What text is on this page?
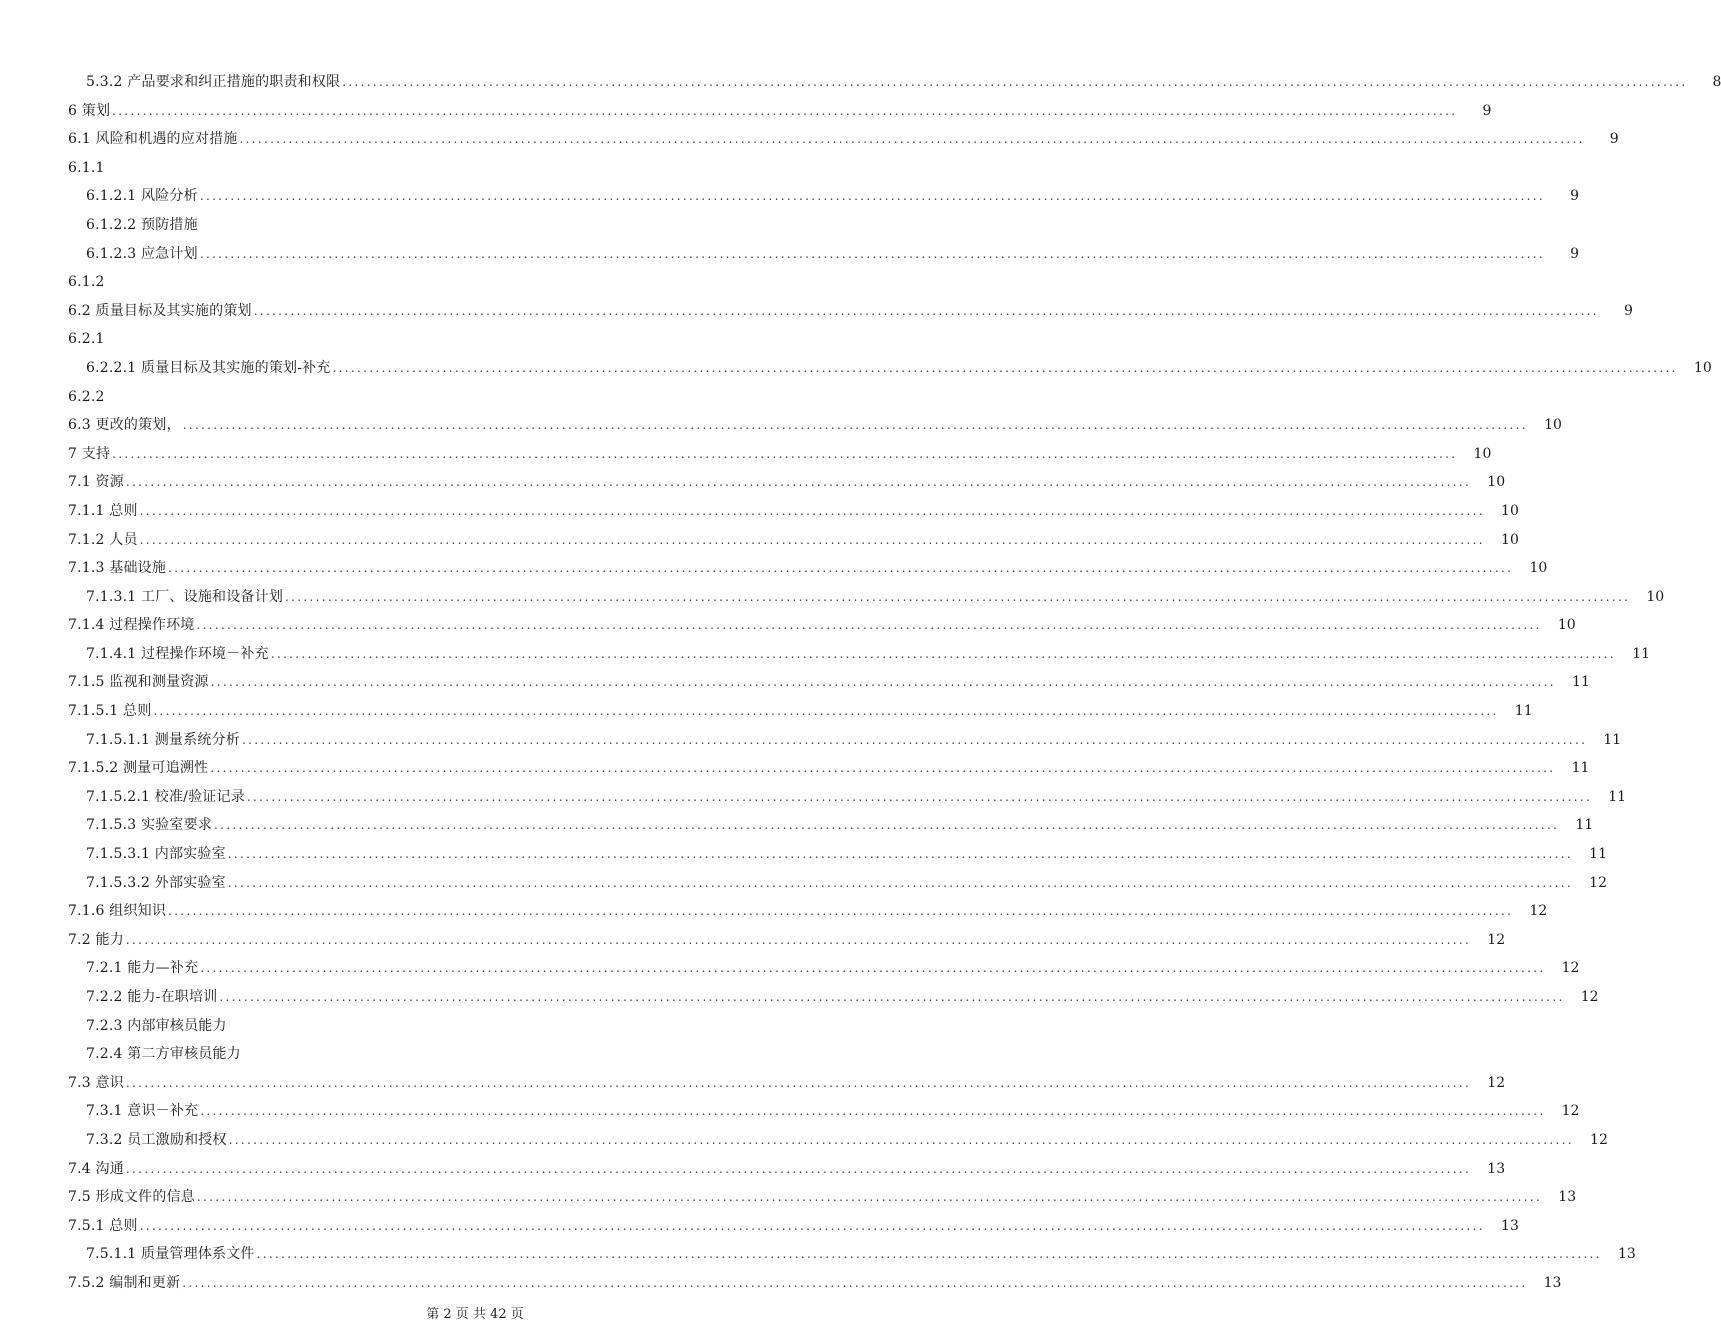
5.3.2 产品要求和纠正措施的职责和权限 ............................................................................................................................................................................................................................	8
6 策划 ............................................................................................................................................................................................................................	9
6.1 风险和机遇的应对措施 ............................................................................................................................................................................................................................	9
6.1.1
6.1.2.1 风险分析 ............................................................................................................................................................................................................................	9
6.1.2.2 预防措施
6.1.2.3 应急计划 ............................................................................................................................................................................................................................	9
6.1.2
6.2 质量目标及其实施的策划 ............................................................................................................................................................................................................................	9
6.2.1
6.2.2.1 质量目标及其实施的策划-补充 ............................................................................................................................................................................................................................	10
6.2.2
6.3 更改的策划， ............................................................................................................................................................................................................................	10
7 支持 ............................................................................................................................................................................................................................	10
7.1 资源 ............................................................................................................................................................................................................................	10
7.1.1 总则 ............................................................................................................................................................................................................................	10
7.1.2 人员 ............................................................................................................................................................................................................................	10
7.1.3 基础设施 ............................................................................................................................................................................................................................	10
7.1.3.1 工厂、设施和设备计划 ............................................................................................................................................................................................................................	10
7.1.4 过程操作环境 ............................................................................................................................................................................................................................	10
7.1.4.1 过程操作环境－补充 ............................................................................................................................................................................................................................	11
7.1.5 监视和测量资源 ............................................................................................................................................................................................................................	11
7.1.5.1 总则 ............................................................................................................................................................................................................................	11
7.1.5.1.1 测量系统分析 ............................................................................................................................................................................................................................	11
7.1.5.2 测量可追溯性 ............................................................................................................................................................................................................................	11
7.1.5.2.1 校准/验证记录 ............................................................................................................................................................................................................................	11
7.1.5.3 实验室要求 ............................................................................................................................................................................................................................	11
7.1.5.3.1 内部实验室 ............................................................................................................................................................................................................................	11
7.1.5.3.2 外部实验室 ............................................................................................................................................................................................................................	12
7.1.6 组织知识 ............................................................................................................................................................................................................................	12
7.2 能力 ............................................................................................................................................................................................................................	12
7.2.1 能力—补充 ............................................................................................................................................................................................................................	12
7.2.2 能力-在职培训 ............................................................................................................................................................................................................................	12
7.2.3 内部审核员能力
7.2.4 第二方审核员能力
7.3 意识 ............................................................................................................................................................................................................................	12
7.3.1 意识－补充 ............................................................................................................................................................................................................................	12
7.3.2 员工激励和授权 ............................................................................................................................................................................................................................	12
7.4 沟通 ............................................................................................................................................................................................................................	13
7.5 形成文件的信息 ............................................................................................................................................................................................................................	13
7.5.1 总则 ............................................................................................................................................................................................................................	13
7.5.1.1 质量管理体系文件 ............................................................................................................................................................................................................................	13
7.5.2 编制和更新 ............................................................................................................................................................................................................................	13
第 2 页 共 42 页
